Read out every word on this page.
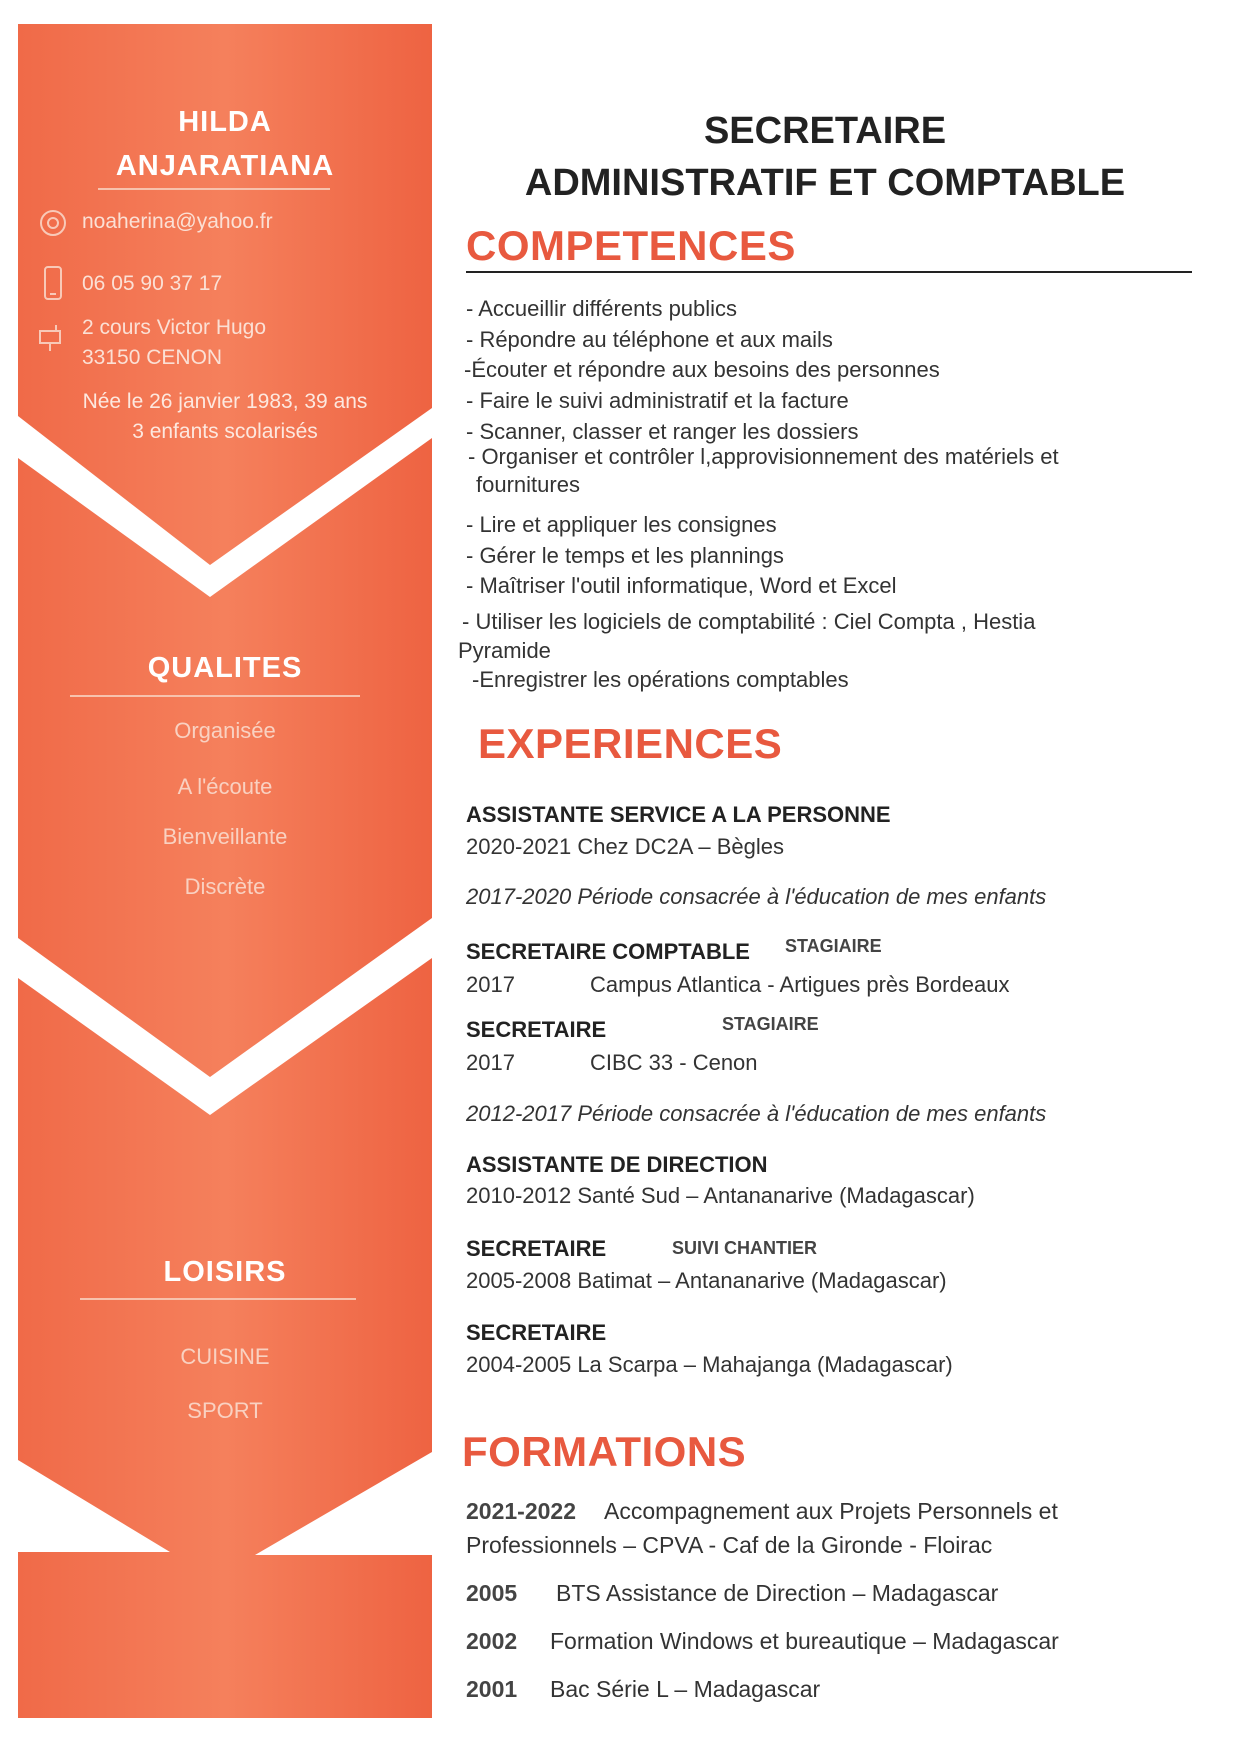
HILDA
ANJARATIANA
noaherina@yahoo.fr
06 05 90 37 17
2 cours Victor Hugo
33150 CENON
Née le 26 janvier 1983, 39 ans
3 enfants scolarisés
QUALITES
Organisée
A l'écoute
Bienveillante
Discrète
LOISIRS
CUISINE
SPORT
SECRETAIRE
ADMINISTRATIF ET COMPTABLE
COMPETENCES
- Accueillir différents publics
- Répondre au téléphone et aux mails
-Écouter et répondre aux besoins des personnes
- Faire le suivi administratif et la facture
- Scanner, classer et ranger les dossiers
- Organiser et contrôler l,approvisionnement des matériels et
fournitures
- Lire et appliquer les consignes
- Gérer le temps et les plannings
- Maîtriser l'outil informatique, Word et Excel
- Utiliser les logiciels de comptabilité : Ciel Compta , Hestia
Pyramide
-Enregistrer les opérations comptables
EXPERIENCES
ASSISTANTE SERVICE A LA PERSONNE
2020-2021 Chez DC2A – Bègles
2017-2020 Période consacrée à l'éducation de mes enfants
SECRETAIRE COMPTABLE STAGIAIRE
2017	Campus Atlantica - Artigues près Bordeaux
SECRETAIRE	STAGIAIRE
2017	CIBC 33 - Cenon
2012-2017 Période consacrée à l'éducation de mes enfants
ASSISTANTE DE DIRECTION
2010-2012 Santé Sud – Antananarive (Madagascar)
SECRETAIRE	SUIVI CHANTIER
2005-2008 Batimat – Antananarive (Madagascar)
SECRETAIRE
2004-2005 La Scarpa – Mahajanga (Madagascar)
FORMATIONS
2021-2022 Accompagnement aux Projets Personnels et
Professionnels – CPVA - Caf de la Gironde - Floirac
2005 BTS Assistance de Direction – Madagascar
2002 Formation Windows et bureautique – Madagascar
2001 Bac Série L – Madagascar
